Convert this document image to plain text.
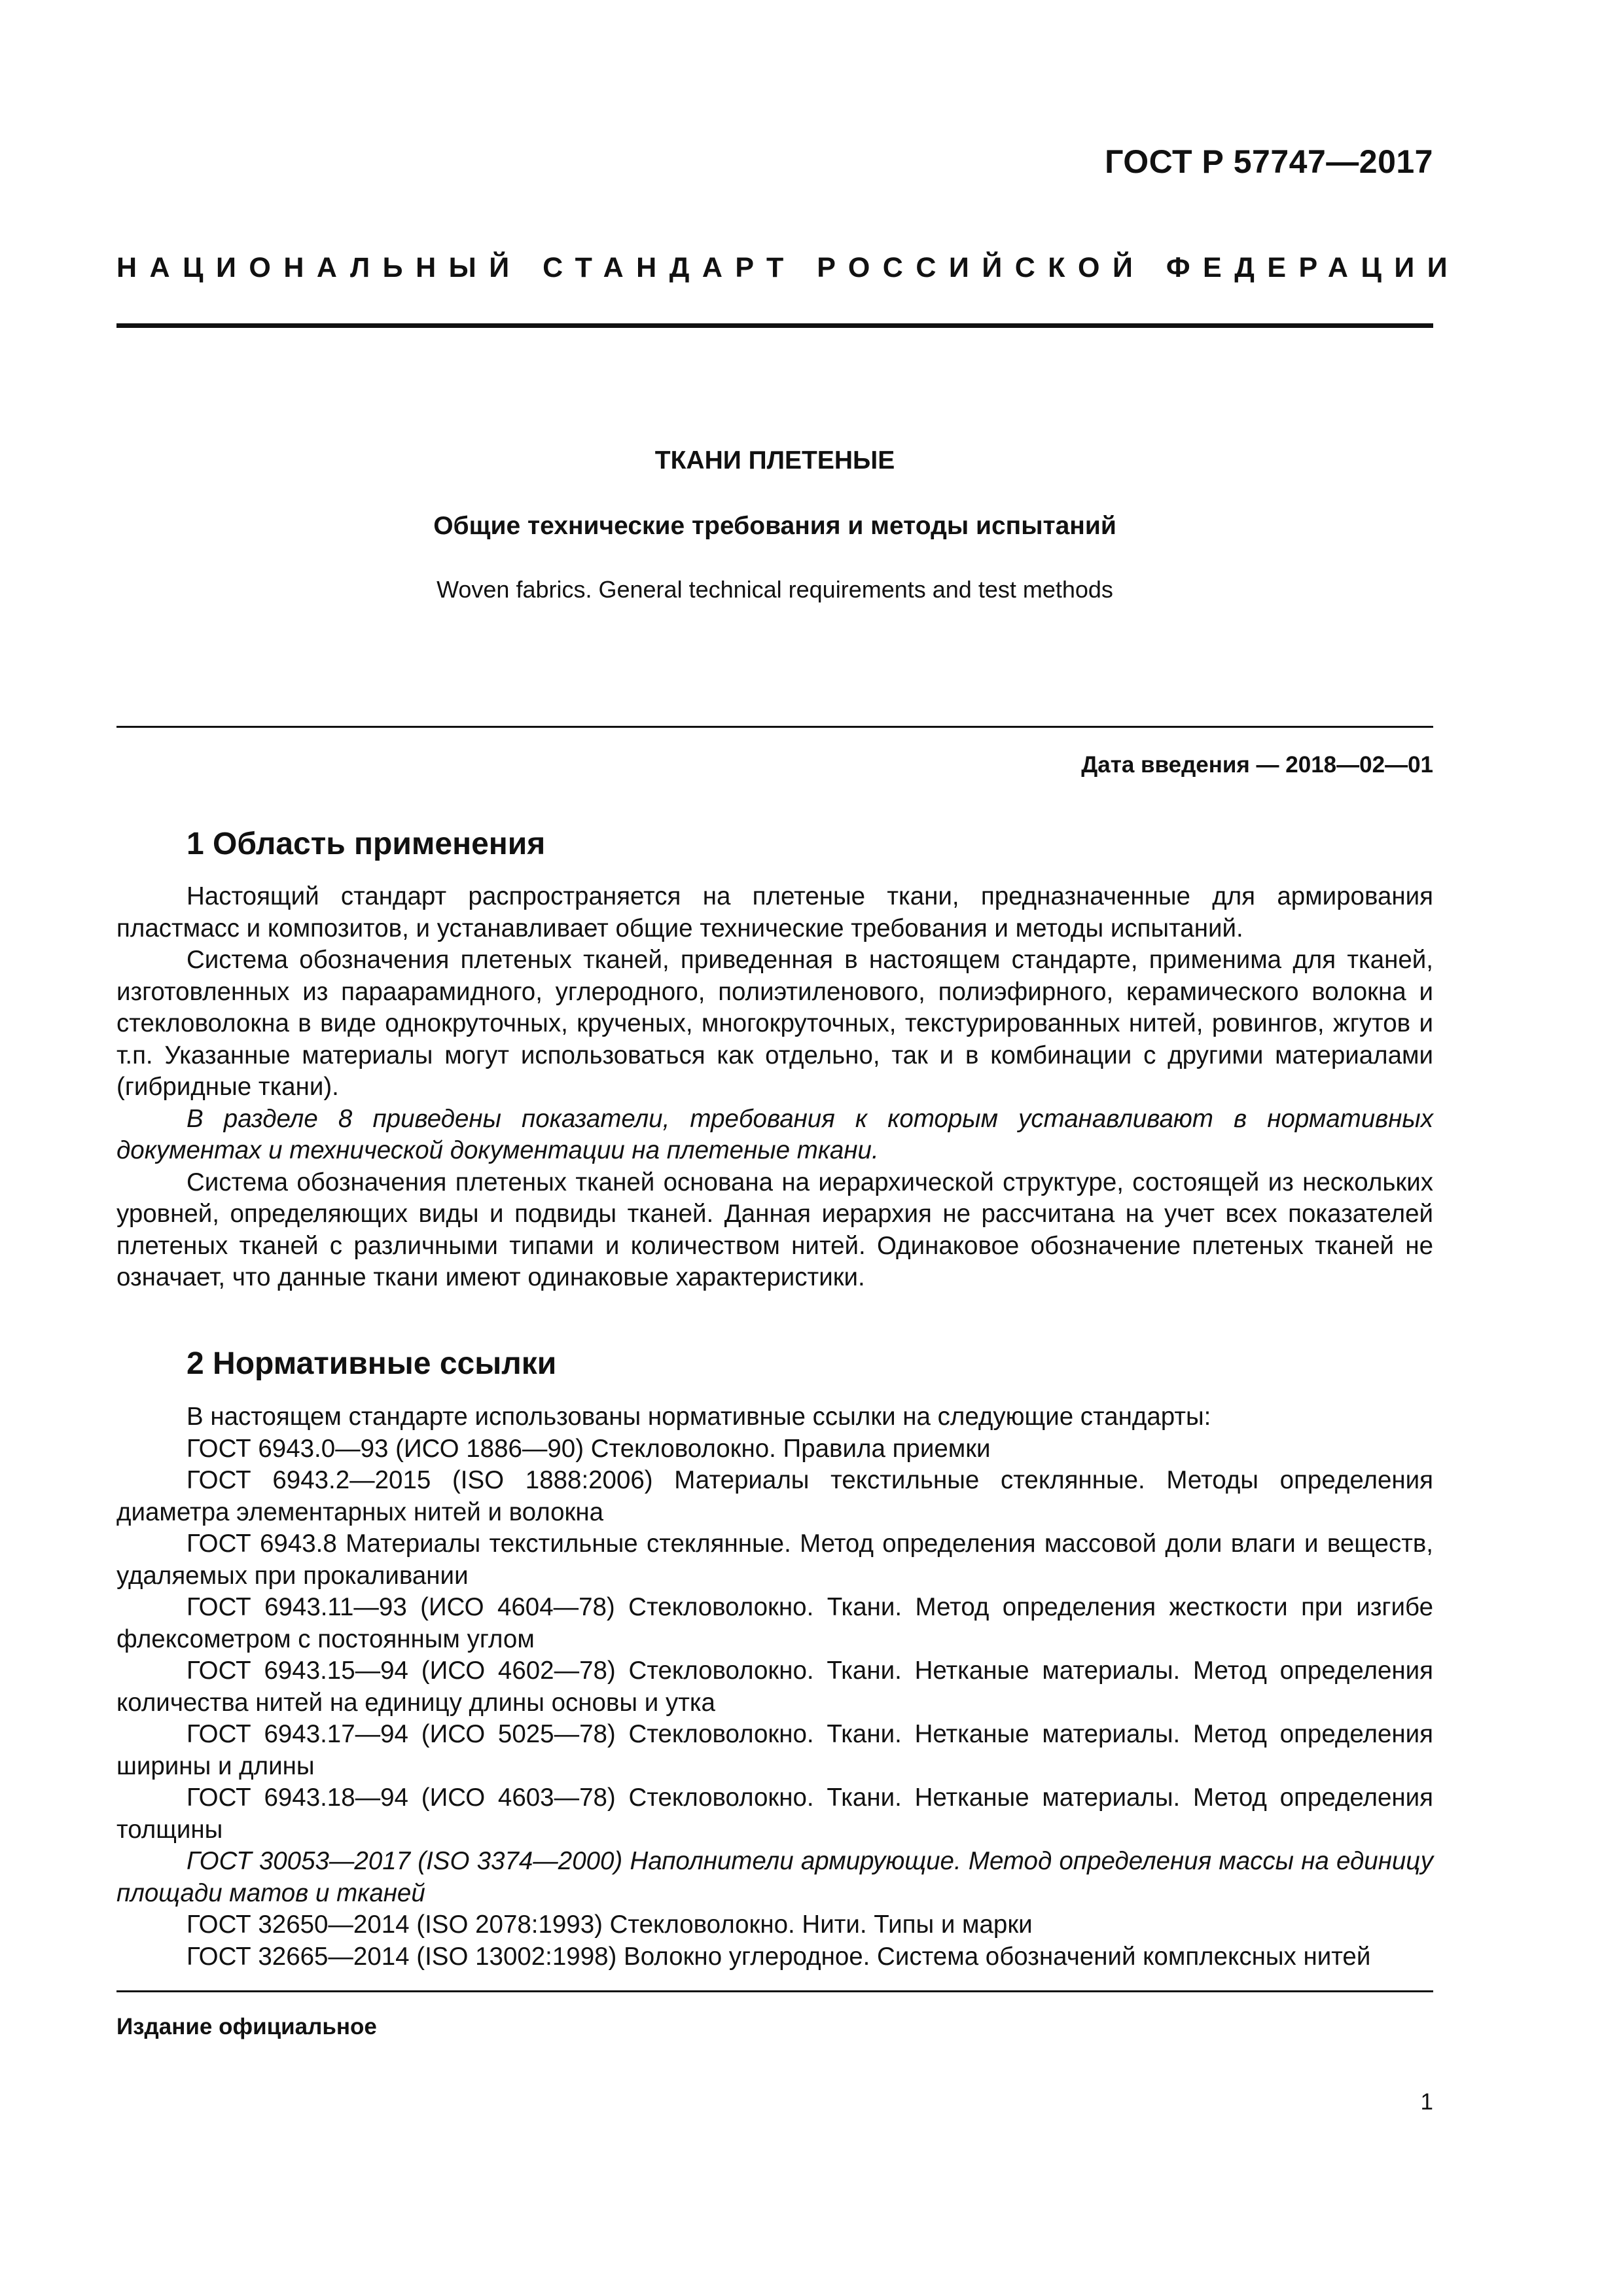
ГОСТ Р 57747—2017
НАЦИОНАЛЬНЫЙ СТАНДАРТ РОССИЙСКОЙ ФЕДЕРАЦИИ
ТКАНИ ПЛЕТЕНЫЕ
Общие технические требования и методы испытаний
Woven fabrics. General technical requirements and test methods
Дата введения — 2018—02—01
1 Область применения

Настоящий стандарт распространяется на плетеные ткани, предназначенные для армирования пластмасс и композитов, и устанавливает общие технические требования и методы испытаний.

Система обозначения плетеных тканей, приведенная в настоящем стандарте, применима для тканей, изготовленных из параарамидного, углеродного, полиэтиленового, полиэфирного, керамического волокна и стекловолокна в виде однокруточных, крученых, многокруточных, текстурированных нитей, ровингов, жгутов и т.п. Указанные материалы могут использоваться как отдельно, так и в комбинации с другими материалами (гибридные ткани).

В разделе 8 приведены показатели, требования к которым устанавливают в нормативных документах и технической документации на плетеные ткани.

Система обозначения плетеных тканей основана на иерархической структуре, состоящей из нескольких уровней, определяющих виды и подвиды тканей. Данная иерархия не рассчитана на учет всех показателей плетеных тканей с различными типами и количеством нитей. Одинаковое обозначение плетеных тканей не означает, что данные ткани имеют одинаковые характеристики.

2 Нормативные ссылки

В настоящем стандарте использованы нормативные ссылки на следующие стандарты:

ГОСТ 6943.0—93 (ИСО 1886—90) Стекловолокно. Правила приемки

ГОСТ 6943.2—2015 (ISO 1888:2006) Материалы текстильные стеклянные. Методы определения диаметра элементарных нитей и волокна

ГОСТ 6943.8 Материалы текстильные стеклянные. Метод определения массовой доли влаги и веществ, удаляемых при прокаливании

ГОСТ 6943.11—93 (ИСО 4604—78) Стекловолокно. Ткани. Метод определения жесткости при изгибе флексометром с постоянным углом

ГОСТ 6943.15—94 (ИСО 4602—78) Стекловолокно. Ткани. Нетканые материалы. Метод определения количества нитей на единицу длины основы и утка

ГОСТ 6943.17—94 (ИСО 5025—78) Стекловолокно. Ткани. Нетканые материалы. Метод определения ширины и длины

ГОСТ 6943.18—94 (ИСО 4603—78) Стекловолокно. Ткани. Нетканые материалы. Метод определения толщины

ГОСТ 30053—2017 (ISO 3374—2000) Наполнители армирующие. Метод определения массы на единицу площади матов и тканей

ГОСТ 32650—2014 (ISO 2078:1993) Стекловолокно. Нити. Типы и марки

ГОСТ 32665—2014 (ISO 13002:1998) Волокно углеродное. Система обозначений комплексных нитей

Издание официальное
1
